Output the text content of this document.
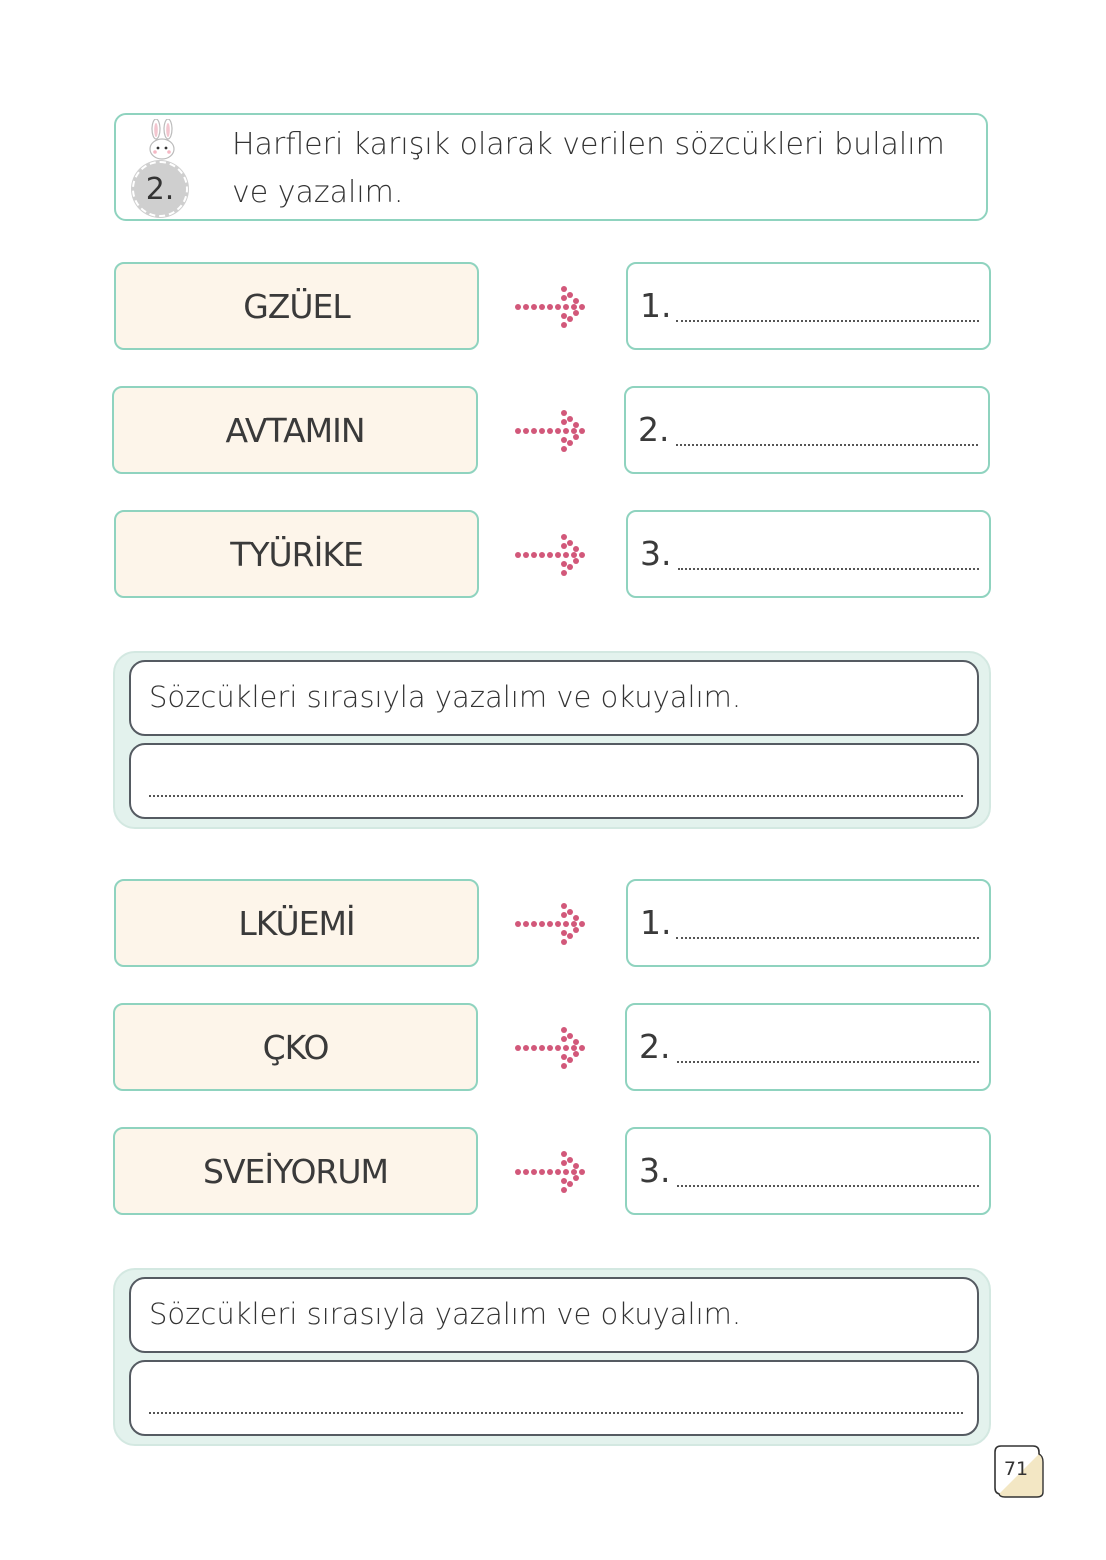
2.
Harfleri karışık olarak verilen sözcükleri bulalım ve yazalım.
GZÜEL	1.
AVTAMIN	2.
TYÜRİKE	3.
Sözcükleri sırasıyla yazalım ve okuyalım.
LKÜEMİ	1.
ÇKO	2.
SVEİYORUM	3.
Sözcükleri sırasıyla yazalım ve okuyalım.
71
